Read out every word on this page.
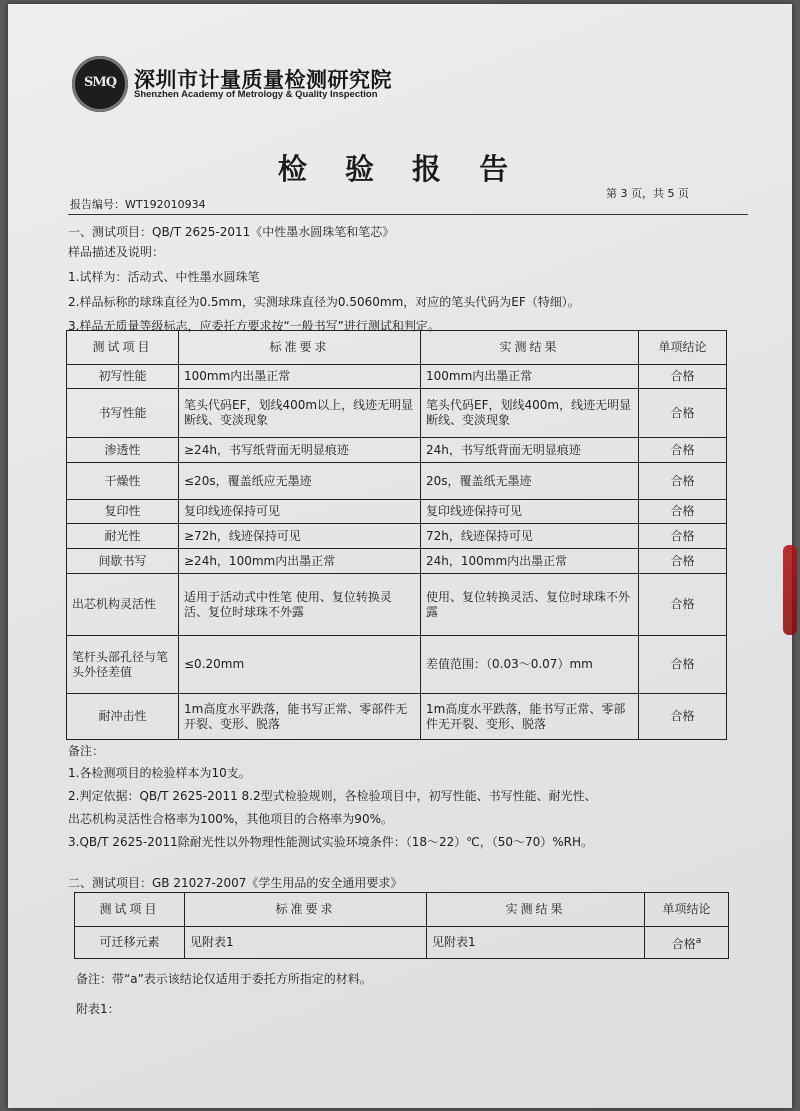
SMQ 深圳市计量质量检测研究院
Shenzhen Academy of Metrology & Quality Inspection
检 验 报 告
报告编号：WT192010934
第 3 页，共 5 页
一、测试项目：QB/T 2625-2011《中性墨水圆珠笔和笔芯》
样品描述及说明：
1.试样为：活动式、中性墨水圆珠笔
2.样品标称的球珠直径为0.5mm，实测球珠直径为0.5060mm，对应的笔头代码为EF（特细）。
3.样品无质量等级标志，应委托方要求按“一般书写”进行测试和判定。
测试项目	标准要求	实测结果	单项结论
初写性能	100mm内出墨正常	100mm内出墨正常	合格
书写性能	笔头代码EF，划线400m以上，线迹无明显断线、变淡现象	笔头代码EF，划线400m，线迹无明显断线、变淡现象	合格
渗透性	≥24h，书写纸背面无明显痕迹	24h，书写纸背面无明显痕迹	合格
干燥性	≤20s，覆盖纸应无墨迹	20s，覆盖纸无墨迹	合格
复印性	复印线迹保持可见	复印线迹保持可见	合格
耐光性	≥72h，线迹保持可见	72h，线迹保持可见	合格
间歇书写	≥24h，100mm内出墨正常	24h，100mm内出墨正常	合格
出芯机构灵活性	适用于活动式中性笔 使用、复位转换灵活、复位时球珠不外露	使用、复位转换灵活、复位时球珠不外露	合格
笔杆头部孔径与笔头外径差值	≤0.20mm	差值范围：（0.03～0.07）mm	合格
耐冲击性	1m高度水平跌落，能书写正常、零部件无开裂、变形、脱落	1m高度水平跌落，能书写正常、零部件无开裂、变形、脱落	合格
备注：
1.各检测项目的检验样本为10支。
2.判定依据：QB/T 2625-2011 8.2型式检验规则，各检验项目中，初写性能、书写性能、耐光性、
出芯机构灵活性合格率为100%，其他项目的合格率为90%。
3.QB/T 2625-2011除耐光性以外物理性能测试实验环境条件：（18～22）℃，（50～70）%RH。
二、测试项目：GB 21027-2007《学生用品的安全通用要求》
测试项目	标准要求	实测结果	单项结论
可迁移元素	见附表1	见附表1	合格$^a$
备注：带“a”表示该结论仅适用于委托方所指定的材料。
附表1：
